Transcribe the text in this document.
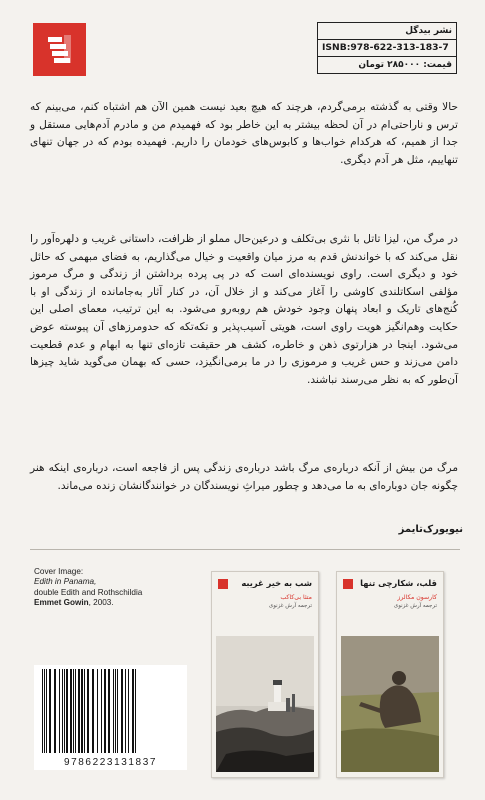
نشر بیدگل
ISNB:978-622-313-183-7
قیمت: ۲۸۵۰۰۰ تومان

حالا وقتی به گذشته برمی‌گردم، هرچند که هیچ بعید نیست همین الآن هم اشتباه کنم، می‌بینم که ترس و ناراحتی‌ام در آن لحظه بیشتر به این خاطر بود که فهمیدم من و مادرم آدم‌هایی مستقل و جدا از همیم، که هرکدام خواب‌ها و کابوس‌های خودمان را داریم. فهمیده بودم که در جهان تنهای تنهاییم، مثل هر آدم دیگری.

در مرگ من، لیزا تاتل با نثری بی‌تکلف و درعین‌حال مملو از ظرافت، داستانی غریب و دلهره‌آور را نقل می‌کند که با خواندنش قدم به مرز میان واقعیت و خیال می‌گذاریم، به فضای مبهمی که حائل خود و دیگری است. راوی نویسنده‌ای است که در پی پرده برداشتن از زندگی و مرگ مرموز مؤلفی اسکاتلندی کاوشی را آغاز می‌کند و از خلال آن، در کنار آثار به‌جامانده از زندگی او با کُنج‌های تاریک و ابعاد پنهان وجود خودش هم رو‌به‌رو می‌شود. به این ترتیب، معمای اصلی این حکایت وهم‌انگیز هویت راوی است، هویتی آسیب‌پذیر و تکه‌تکه که حدومرزهای آن پیوسته عوض می‌شود. اینجا در هزارتوی ذهن و خاطره، کشف هر حقیقت تازه‌ای تنها به ابهام و عدم قطعیت دامن می‌زند و حس غریب و مرموزی را در ما برمی‌انگیزد، حسی که بهمان می‌گوید شاید چیزها آن‌طور که به نظر می‌رسند نباشند.

مرگ من بیش از آنکه درباره‌ی مرگ باشد درباره‌ی زندگی پس از فاجعه است، درباره‌ی اینکه هنر چگونه جان دوباره‌ای به ما می‌دهد و چطور میراثِ نویسندگان در خوانندگانشان زنده می‌ماند.

نیویورک‌تایمز
Cover Image:
Edith in Panama,
double Edith and Rothschildia
Emmet Gowin, 2003.
9786223131837
شب به خیر غریبه
متئا بی‌کاکب
ترجمه آرش غزنوی
قلب، شکارچی تنها
کارسون مکالرز
ترجمه آرش غزنوی
